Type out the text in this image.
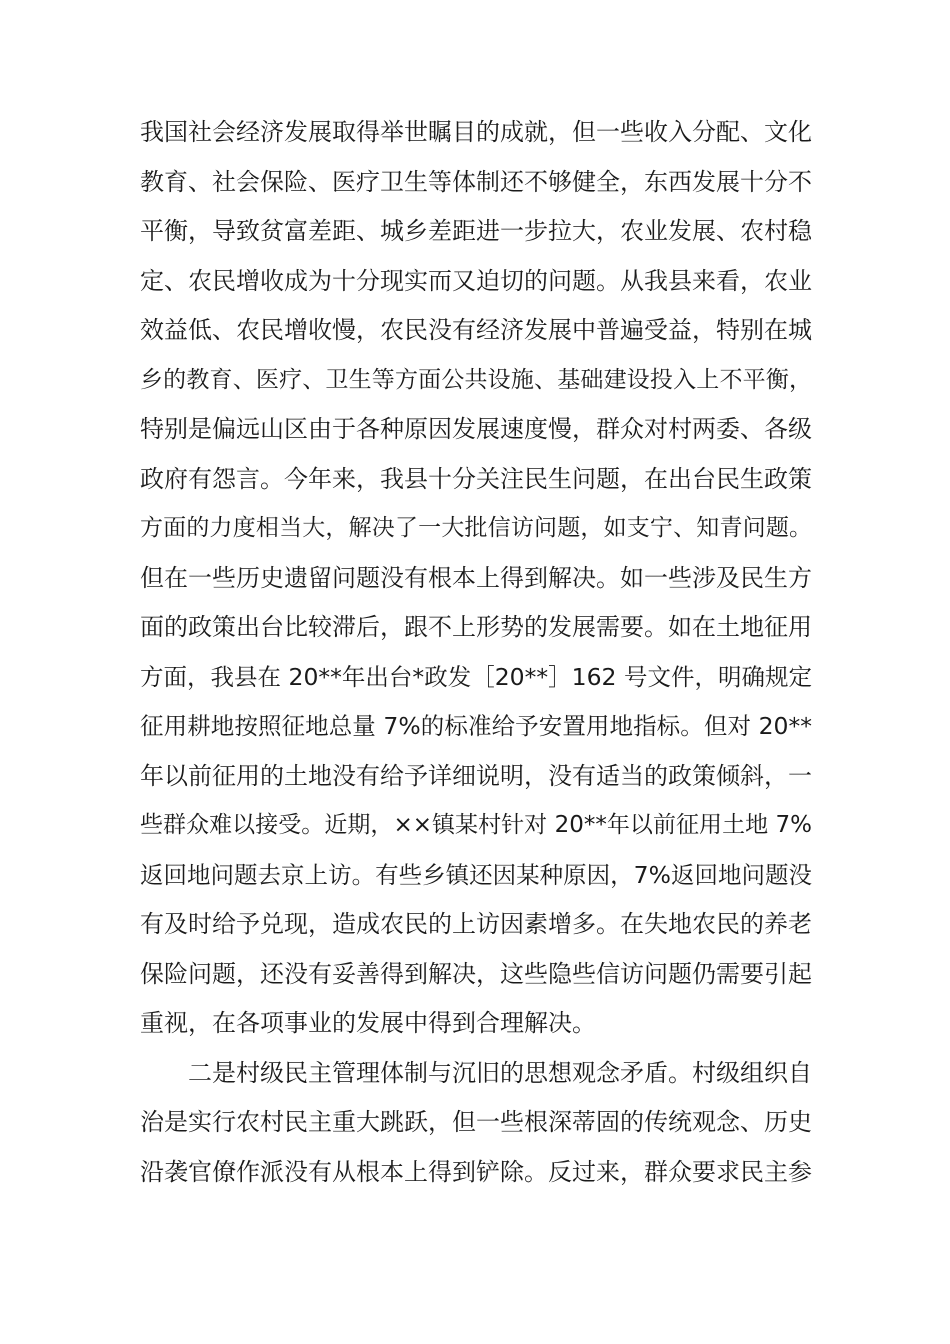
我国社会经济发展取得举世瞩目的成就，但一些收入分配、文化
教育、社会保险、医疗卫生等体制还不够健全，东西发展十分不
平衡，导致贫富差距、城乡差距进一步拉大，农业发展、农村稳
定、农民增收成为十分现实而又迫切的问题。从我县来看，农业
效益低、农民增收慢，农民没有经济发展中普遍受益，特别在城
乡的教育、医疗、卫生等方面公共设施、基础建设投入上不平衡，
特别是偏远山区由于各种原因发展速度慢，群众对村两委、各级
政府有怨言。今年来，我县十分关注民生问题，在出台民生政策
方面的力度相当大，解决了一大批信访问题，如支宁、知青问题。
但在一些历史遗留问题没有根本上得到解决。如一些涉及民生方
面的政策出台比较滞后，跟不上形势的发展需要。如在土地征用
方面，我县在 20**年出台*政发［20**］162 号文件，明确规定
征用耕地按照征地总量 7%的标准给予安置用地指标。但对 20**
年以前征用的土地没有给予详细说明，没有适当的政策倾斜，一
些群众难以接受。近期，××镇某村针对 20**年以前征用土地 7%
返回地问题去京上访。有些乡镇还因某种原因，7%返回地问题没
有及时给予兑现，造成农民的上访因素增多。在失地农民的养老
保险问题，还没有妥善得到解决，这些隐些信访问题仍需要引起
重视，在各项事业的发展中得到合理解决。
二是村级民主管理体制与沉旧的思想观念矛盾。村级组织自
治是实行农村民主重大跳跃，但一些根深蒂固的传统观念、历史
沿袭官僚作派没有从根本上得到铲除。反过来，群众要求民主参
